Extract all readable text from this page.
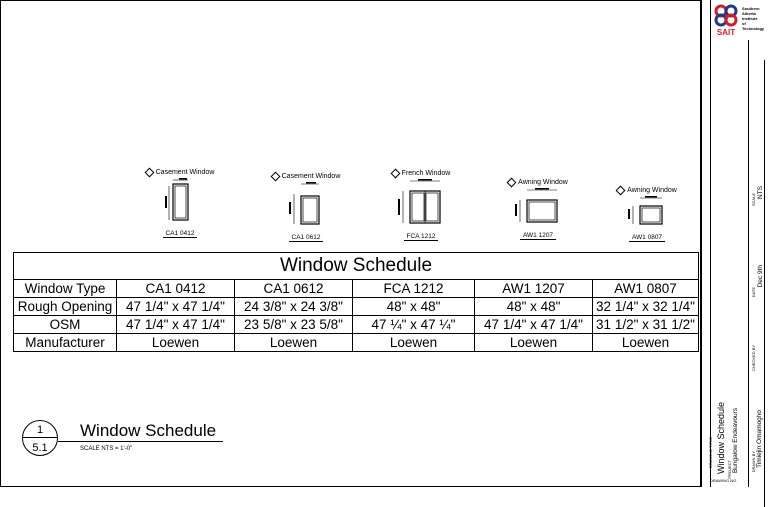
Casement Window
CA1 0412
Casement Window
CA1 0612
French Window
FCA 1212
Awning Window
AW1 1207
Awning Window
AW1 0807
Window Schedule					
Window Type	CA1 0412	CA1 0612	FCA 1212	AW1 1207	AW1 0807
Rough Opening	47 1/4" x 47 1/4"	24 3/8" x 24 3/8"	48" x 48"	48" x 48"	32 1/4" x 32 1/4"
OSM	47 1/4" x 47 1/4"	23 5/8" x 23 5/8"	47 ¼" x 47 ¼"	47 1/4" x 47 1/4"	31 1/2" x 31 1/2"
Manufacturer	Loewen	Loewen	Loewen	Loewen	Loewen
1
5.1
Window Schedule
SCALE NTS = 1'-0"
SAIT
Southern
Alberta Institute
of Technology
DRAWING TITLE Window Schedule PROJECT Bungalow Endeavours	DRAWN BY Timiejin Omamogho
CHECKED BY
DATE
Dec 9th
SCALE
NTS
DRAWING NO.
